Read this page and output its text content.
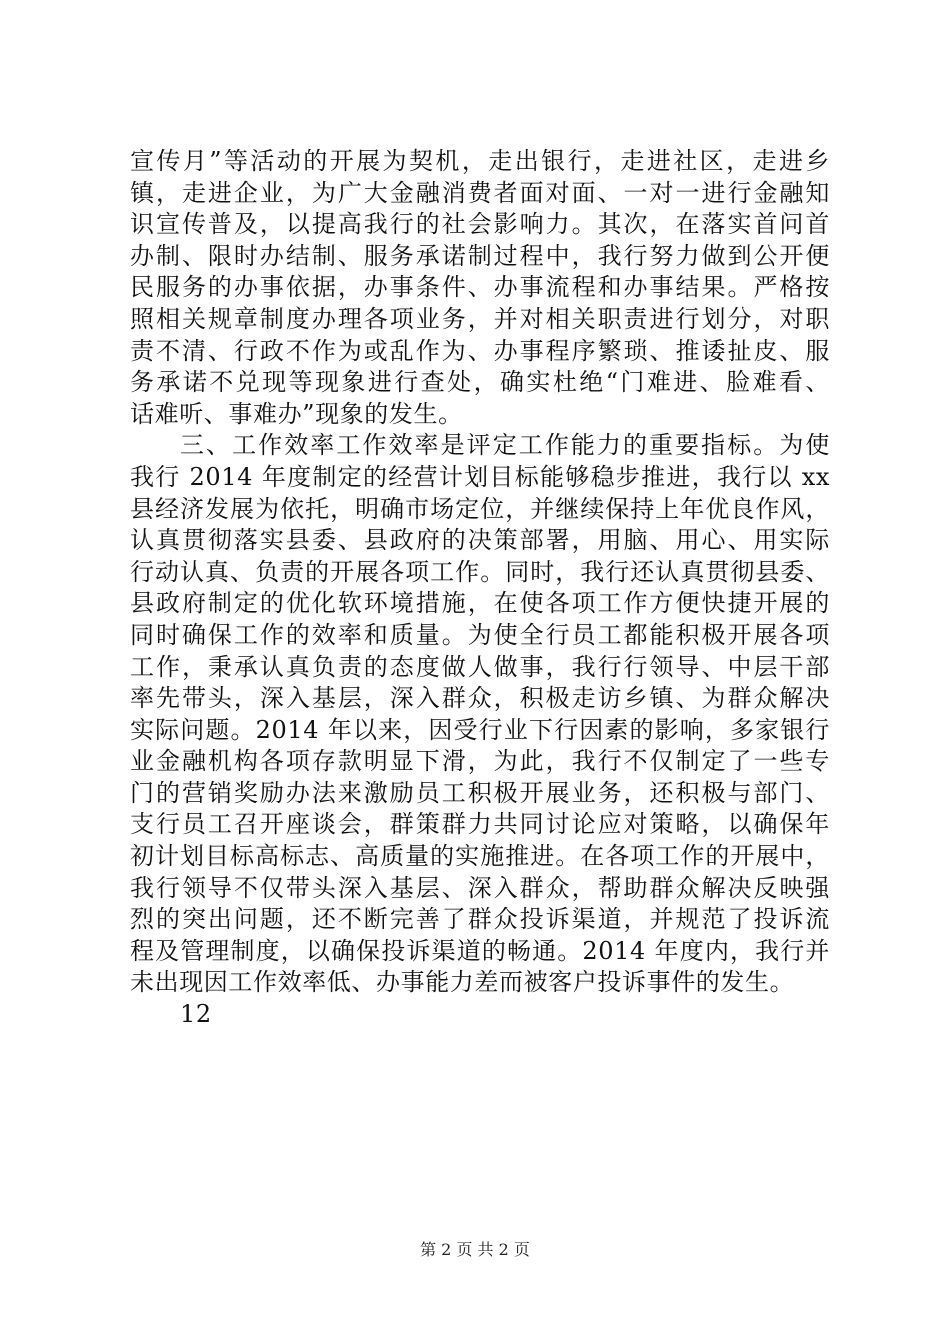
宣传月”等活动的开展为契机，走出银行，走进社区，走进乡
镇，走进企业，为广大金融消费者面对面、一对一进行金融知
识宣传普及，以提高我行的社会影响力。其次，在落实首问首
办制、限时办结制、服务承诺制过程中，我行努力做到公开便
民服务的办事依据，办事条件、办事流程和办事结果。严格按
照相关规章制度办理各项业务，并对相关职责进行划分，对职
责不清、行政不作为或乱作为、办事程序繁琐、推诿扯皮、服
务承诺不兑现等现象进行查处，确实杜绝“门难进、脸难看、
话难听、事难办”现象的发生。
三、工作效率工作效率是评定工作能力的重要指标。为使
我行 2014 年度制定的经营计划目标能够稳步推进，我行以 xx
县经济发展为依托，明确市场定位，并继续保持上年优良作风，
认真贯彻落实县委、县政府的决策部署，用脑、用心、用实际
行动认真、负责的开展各项工作。同时，我行还认真贯彻县委、
县政府制定的优化软环境措施，在使各项工作方便快捷开展的
同时确保工作的效率和质量。为使全行员工都能积极开展各项
工作，秉承认真负责的态度做人做事，我行行领导、中层干部
率先带头，深入基层，深入群众，积极走访乡镇、为群众解决
实际问题。2014 年以来，因受行业下行因素的影响，多家银行
业金融机构各项存款明显下滑，为此，我行不仅制定了一些专
门的营销奖励办法来激励员工积极开展业务，还积极与部门、
支行员工召开座谈会，群策群力共同讨论应对策略，以确保年
初计划目标高标志、高质量的实施推进。在各项工作的开展中，
我行领导不仅带头深入基层、深入群众，帮助群众解决反映强
烈的突出问题，还不断完善了群众投诉渠道，并规范了投诉流
程及管理制度，以确保投诉渠道的畅通。2014 年度内，我行并
未出现因工作效率低、办事能力差而被客户投诉事件的发生。
12
第 2 页 共 2 页
